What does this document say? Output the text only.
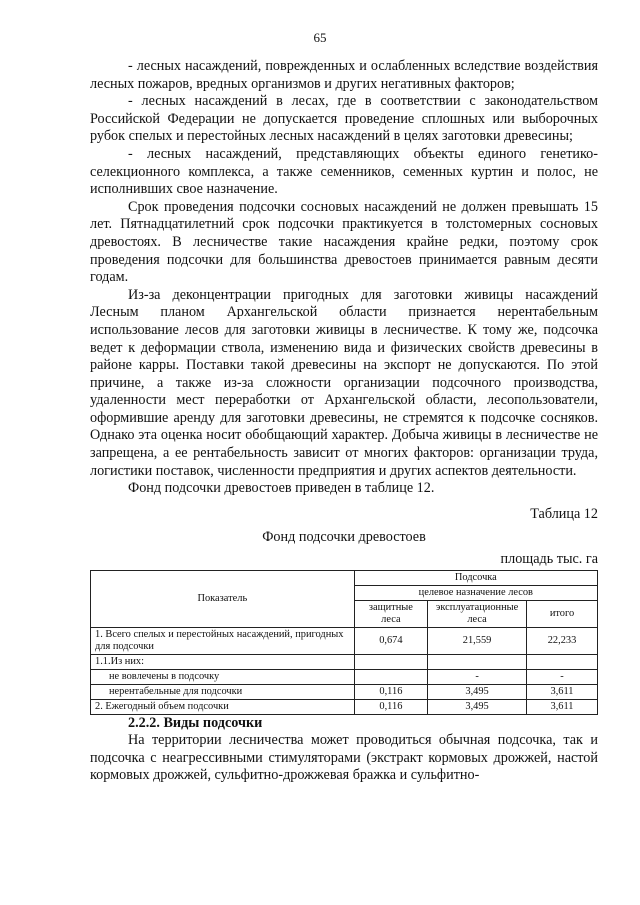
65

- лесных насаждений, поврежденных и ослабленных вследствие воздействия лесных пожаров, вредных организмов и других негативных факторов;

- лесных насаждений в лесах, где в соответствии с законодательством Российской Федерации не допускается проведение сплошных или выборочных рубок спелых и перестойных лесных насаждений в целях заготовки древесины;

- лесных насаждений, представляющих объекты единого генетико-селекционного комплекса, а также семенников, семенных куртин и полос, не исполнивших свое назначение.

Срок проведения подсочки сосновых насаждений не должен превышать 15 лет. Пятнадцатилетний срок подсочки практикуется в толстомерных сосновых древостоях. В лесничестве такие насаждения крайне редки, поэтому срок проведения подсочки для большинства древостоев принимается равным десяти годам.

Из-за деконцентрации пригодных для заготовки живицы насаждений Лесным планом Архангельской области признается нерентабельным использование лесов для заготовки живицы в лесничестве. К тому же, подсочка ведет к деформации ствола, изменению вида и физических свойств древесины в районе карры. Поставки такой древесины на экспорт не допускаются. По этой причине, а также из-за сложности организации подсочного производства, удаленности мест переработки от Архангельской области, лесопользователи, оформившие аренду для заготовки древесины, не стремятся к подсочке сосняков. Однако эта оценка носит обобщающий характер. Добыча живицы в лесничестве не запрещена, а ее рентабельность зависит от многих факторов: организации труда, логистики поставок, численности предприятия и других аспектов деятельности.

Фонд подсочки древостоев приведен в таблице 12.

Таблица 12
Фонд подсочки древостоев
площадь тыс. га
Показатель	Подсочка		
	целевое назначение лесов		
	защитные леса	эксплуатационные леса	итого
1. Всего спелых и перестойных насаждений, пригодных для подсочки	0,674	21,559	22,233
1.1.Из них:			
не вовлечены в подсочку		-	-
нерентабельные для подсочки	0,116	3,495	3,611
2. Ежегодный объем подсочки	0,116	3,495	3,611

2.2.2. Виды подсочки

На территории лесничества может проводиться обычная подсочка, так и подсочка с неагрессивными стимуляторами (экстракт кормовых дрожжей, настой кормовых дрожжей, сульфитно-дрожжевая бражка и сульфитно-
